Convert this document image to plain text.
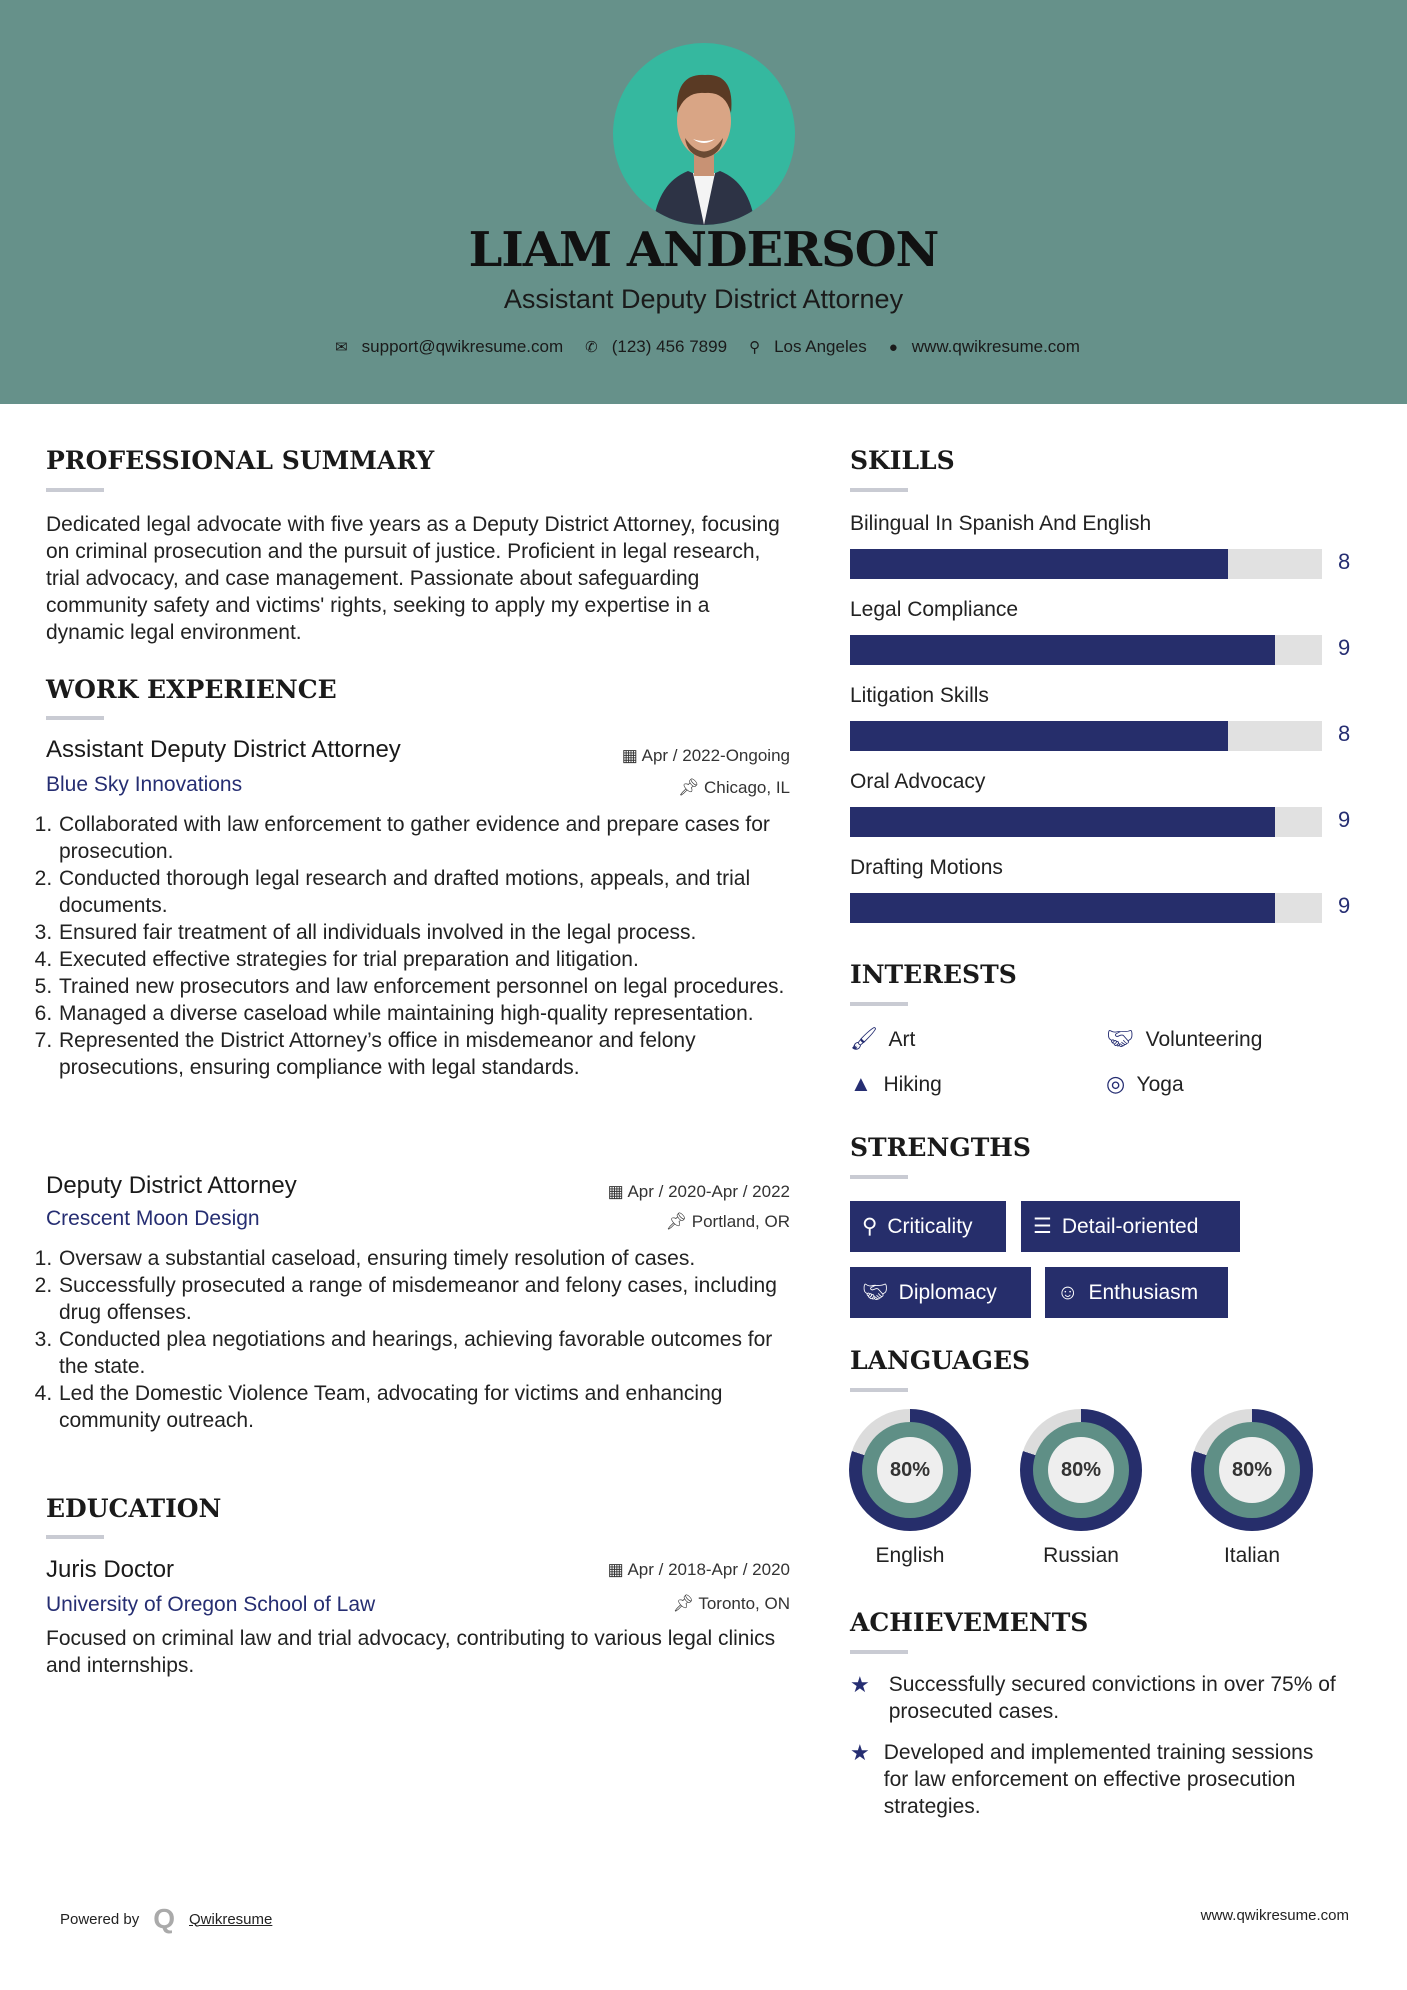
LIAM ANDERSON
Assistant Deputy District Attorney
✉ support@qwikresume.com ✆ (123) 456 7899 ⚲ Los Angeles ● www.qwikresume.com
PROFESSIONAL SUMMARY
Dedicated legal advocate with five years as a Deputy District Attorney, focusing on criminal prosecution and the pursuit of justice. Proficient in legal research, trial advocacy, and case management. Passionate about safeguarding community safety and victims' rights, seeking to apply my expertise in a dynamic legal environment.
WORK EXPERIENCE
Assistant Deputy District Attorney	▦ Apr / 2022-Ongoing
Blue Sky Innovations	📌︎ Chicago, IL
1. Collaborated with law enforcement to gather evidence and prepare cases for prosecution.
2. Conducted thorough legal research and drafted motions, appeals, and trial documents.
3. Ensured fair treatment of all individuals involved in the legal process.
4. Executed effective strategies for trial preparation and litigation.
5. Trained new prosecutors and law enforcement personnel on legal procedures.
6. Managed a diverse caseload while maintaining high-quality representation.
7. Represented the District Attorney’s office in misdemeanor and felony prosecutions, ensuring compliance with legal standards.
Deputy District Attorney	▦ Apr / 2020-Apr / 2022
Crescent Moon Design	📌︎ Portland, OR
1. Oversaw a substantial caseload, ensuring timely resolution of cases.
2. Successfully prosecuted a range of misdemeanor and felony cases, including drug offenses.
3. Conducted plea negotiations and hearings, achieving favorable outcomes for the state.
4. Led the Domestic Violence Team, advocating for victims and enhancing community outreach.
EDUCATION
Juris Doctor	▦ Apr / 2018-Apr / 2020
University of Oregon School of Law	📌︎ Toronto, ON
Focused on criminal law and trial advocacy, contributing to various legal clinics and internships.
SKILLS
Bilingual In Spanish And English
8
Legal Compliance
9
Litigation Skills
8
Oral Advocacy
9
Drafting Motions
9
INTERESTS
🖌︎ Art	🤝︎ Volunteering
▲ Hiking	◎ Yoga
STRENGTHS
⚲ Criticality	☰ Detail-oriented
🤝︎ Diplomacy	☺ Enthusiasm
LANGUAGES
80%
English
80%
Russian
80%
Italian
ACHIEVEMENTS
★ Successfully secured convictions in over 75% of prosecuted cases.
★ Developed and implemented training sessions for law enforcement on effective prosecution strategies.
Powered by Q Qwikresume	www.qwikresume.com
